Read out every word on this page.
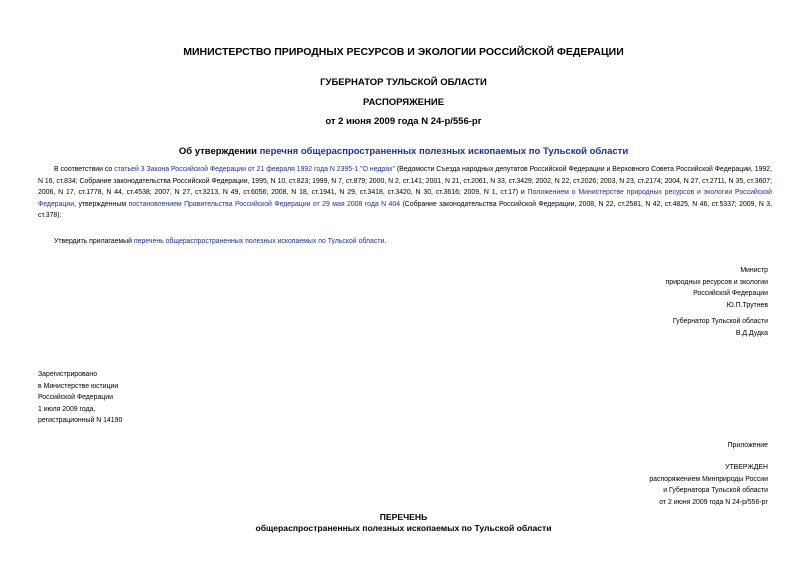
МИНИСТЕРСТВО ПРИРОДНЫХ РЕСУРСОВ И ЭКОЛОГИИ РОССИЙСКОЙ ФЕДЕРАЦИИ
ГУБЕРНАТОР ТУЛЬСКОЙ ОБЛАСТИ
РАСПОРЯЖЕНИЕ
от 2 июня 2009 года N 24-р/556-рг
Об утверждении перечня общераспространенных полезных ископаемых по Тульской области
В соответствии со статьей 3 Закона Российской Федерации от 21 февраля 1992 года N 2395-1 "О недрах" (Ведомости Съезда народных депутатов Российской Федерации и Верховного Совета Российской Федерации, 1992, N 16, ст.834; Собрание законодательства Российской Федерации, 1995, N 10, ст.823; 1999, N 7, ст.879; 2000, N 2, ст.141; 2001, N 21, ст.2061, N 33, ст.3429; 2002, N 22, ст.2026; 2003, N 23, ст.2174; 2004, N 27, ст.2711, N 35, ст.3607; 2006, N 17, ст.1778, N 44, ст.4538; 2007, N 27, ст.3213, N 49, ст.6056; 2008, N 18, ст.1941, N 29, ст.3418, ст.3420, N 30, ст.3616; 2009, N 1, ст.17) и Положением о Министерстве природных ресурсов и экологии Российской Федерации, утвержденным постановлением Правительства Российской Федерации от 29 мая 2008 года N 404 (Собрание законодательства Российской Федерации, 2008, N 22, ст.2581, N 42, ст.4825, N 46, ст.5337; 2009, N 3, ст.378):
Утвердить прилагаемый перечень общераспространенных полезных ископаемых по Тульской области.
Министр
природных ресурсов и экологии
Российской Федерации
Ю.П.Трутнев
Губернатор Тульской области
В.Д.Дудка
Зарегистрировано
в Министерстве юстиции
Российской Федерации
1 июля 2009 года,
регистрационный N 14190
Приложение
УТВЕРЖДЕН
распоряжением Минприроды России
и Губернатора Тульской области
от 2 июня 2009 года N 24-р/556-рг
ПЕРЕЧЕНЬ
общераспространенных полезных ископаемых по Тульской области
